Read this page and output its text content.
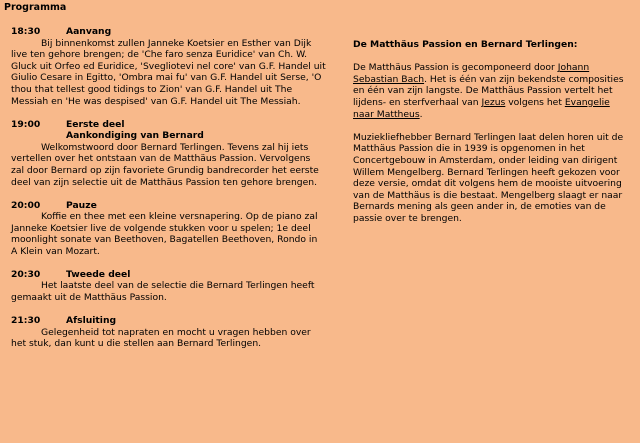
Programma
18:30	Aanvang
Bij binnenkomst zullen Janneke Koetsier en Esther van Dijk live ten gehore brengen; de 'Che faro senza Euridice' van Ch. W. Gluck uit Orfeo ed Euridice, 'Svegliotevi nel core' van G.F. Handel uit Giulio Cesare in Egitto, 'Ombra mai fu' van G.F. Handel uit Serse, 'O thou that tellest good tidings to Zion' van G.F. Handel uit The Messiah en 'He was despised' van G.F. Handel uit The Messiah.
19:00	Eerste deel
Aankondiging van Bernard
Welkomstwoord door Bernard Terlingen. Tevens zal hij iets vertellen over het ontstaan van de Matthäus Passion. Vervolgens zal door Bernard op zijn favoriete Grundig bandrecorder het eerste deel van zijn selectie uit de Matthäus Passion ten gehore brengen.
20:00	Pauze
Koffie en thee met een kleine versnapering. Op de piano zal Janneke Koetsier live de volgende stukken voor u spelen; 1e deel moonlight sonate van Beethoven, Bagatellen Beethoven, Rondo in A Klein van Mozart.
20:30	Tweede deel
Het laatste deel van de selectie die Bernard Terlingen heeft gemaakt uit de Matthäus Passion.
21:30	Afsluiting
Gelegenheid tot napraten en mocht u vragen hebben over het stuk, dan kunt u die stellen aan Bernard Terlingen.
De Matthäus Passion en Bernard Terlingen:
De Matthäus Passion is gecomponeerd door Johann Sebastian Bach. Het is één van zijn bekendste composities en één van zijn langste. De Matthäus Passion vertelt het lijdens- en sterfverhaal van Jezus volgens het Evangelie naar Mattheus.
Muziekliefhebber Bernard Terlingen laat delen horen uit de Matthäus Passion die in 1939 is opgenomen in het Concertgebouw in Amsterdam, onder leiding van dirigent Willem Mengelberg. Bernard Terlingen heeft gekozen voor deze versie, omdat dit volgens hem de mooiste uitvoering van de Matthäus is die bestaat. Mengelberg slaagt er naar Bernards mening als geen ander in, de emoties van de passie over te brengen.
